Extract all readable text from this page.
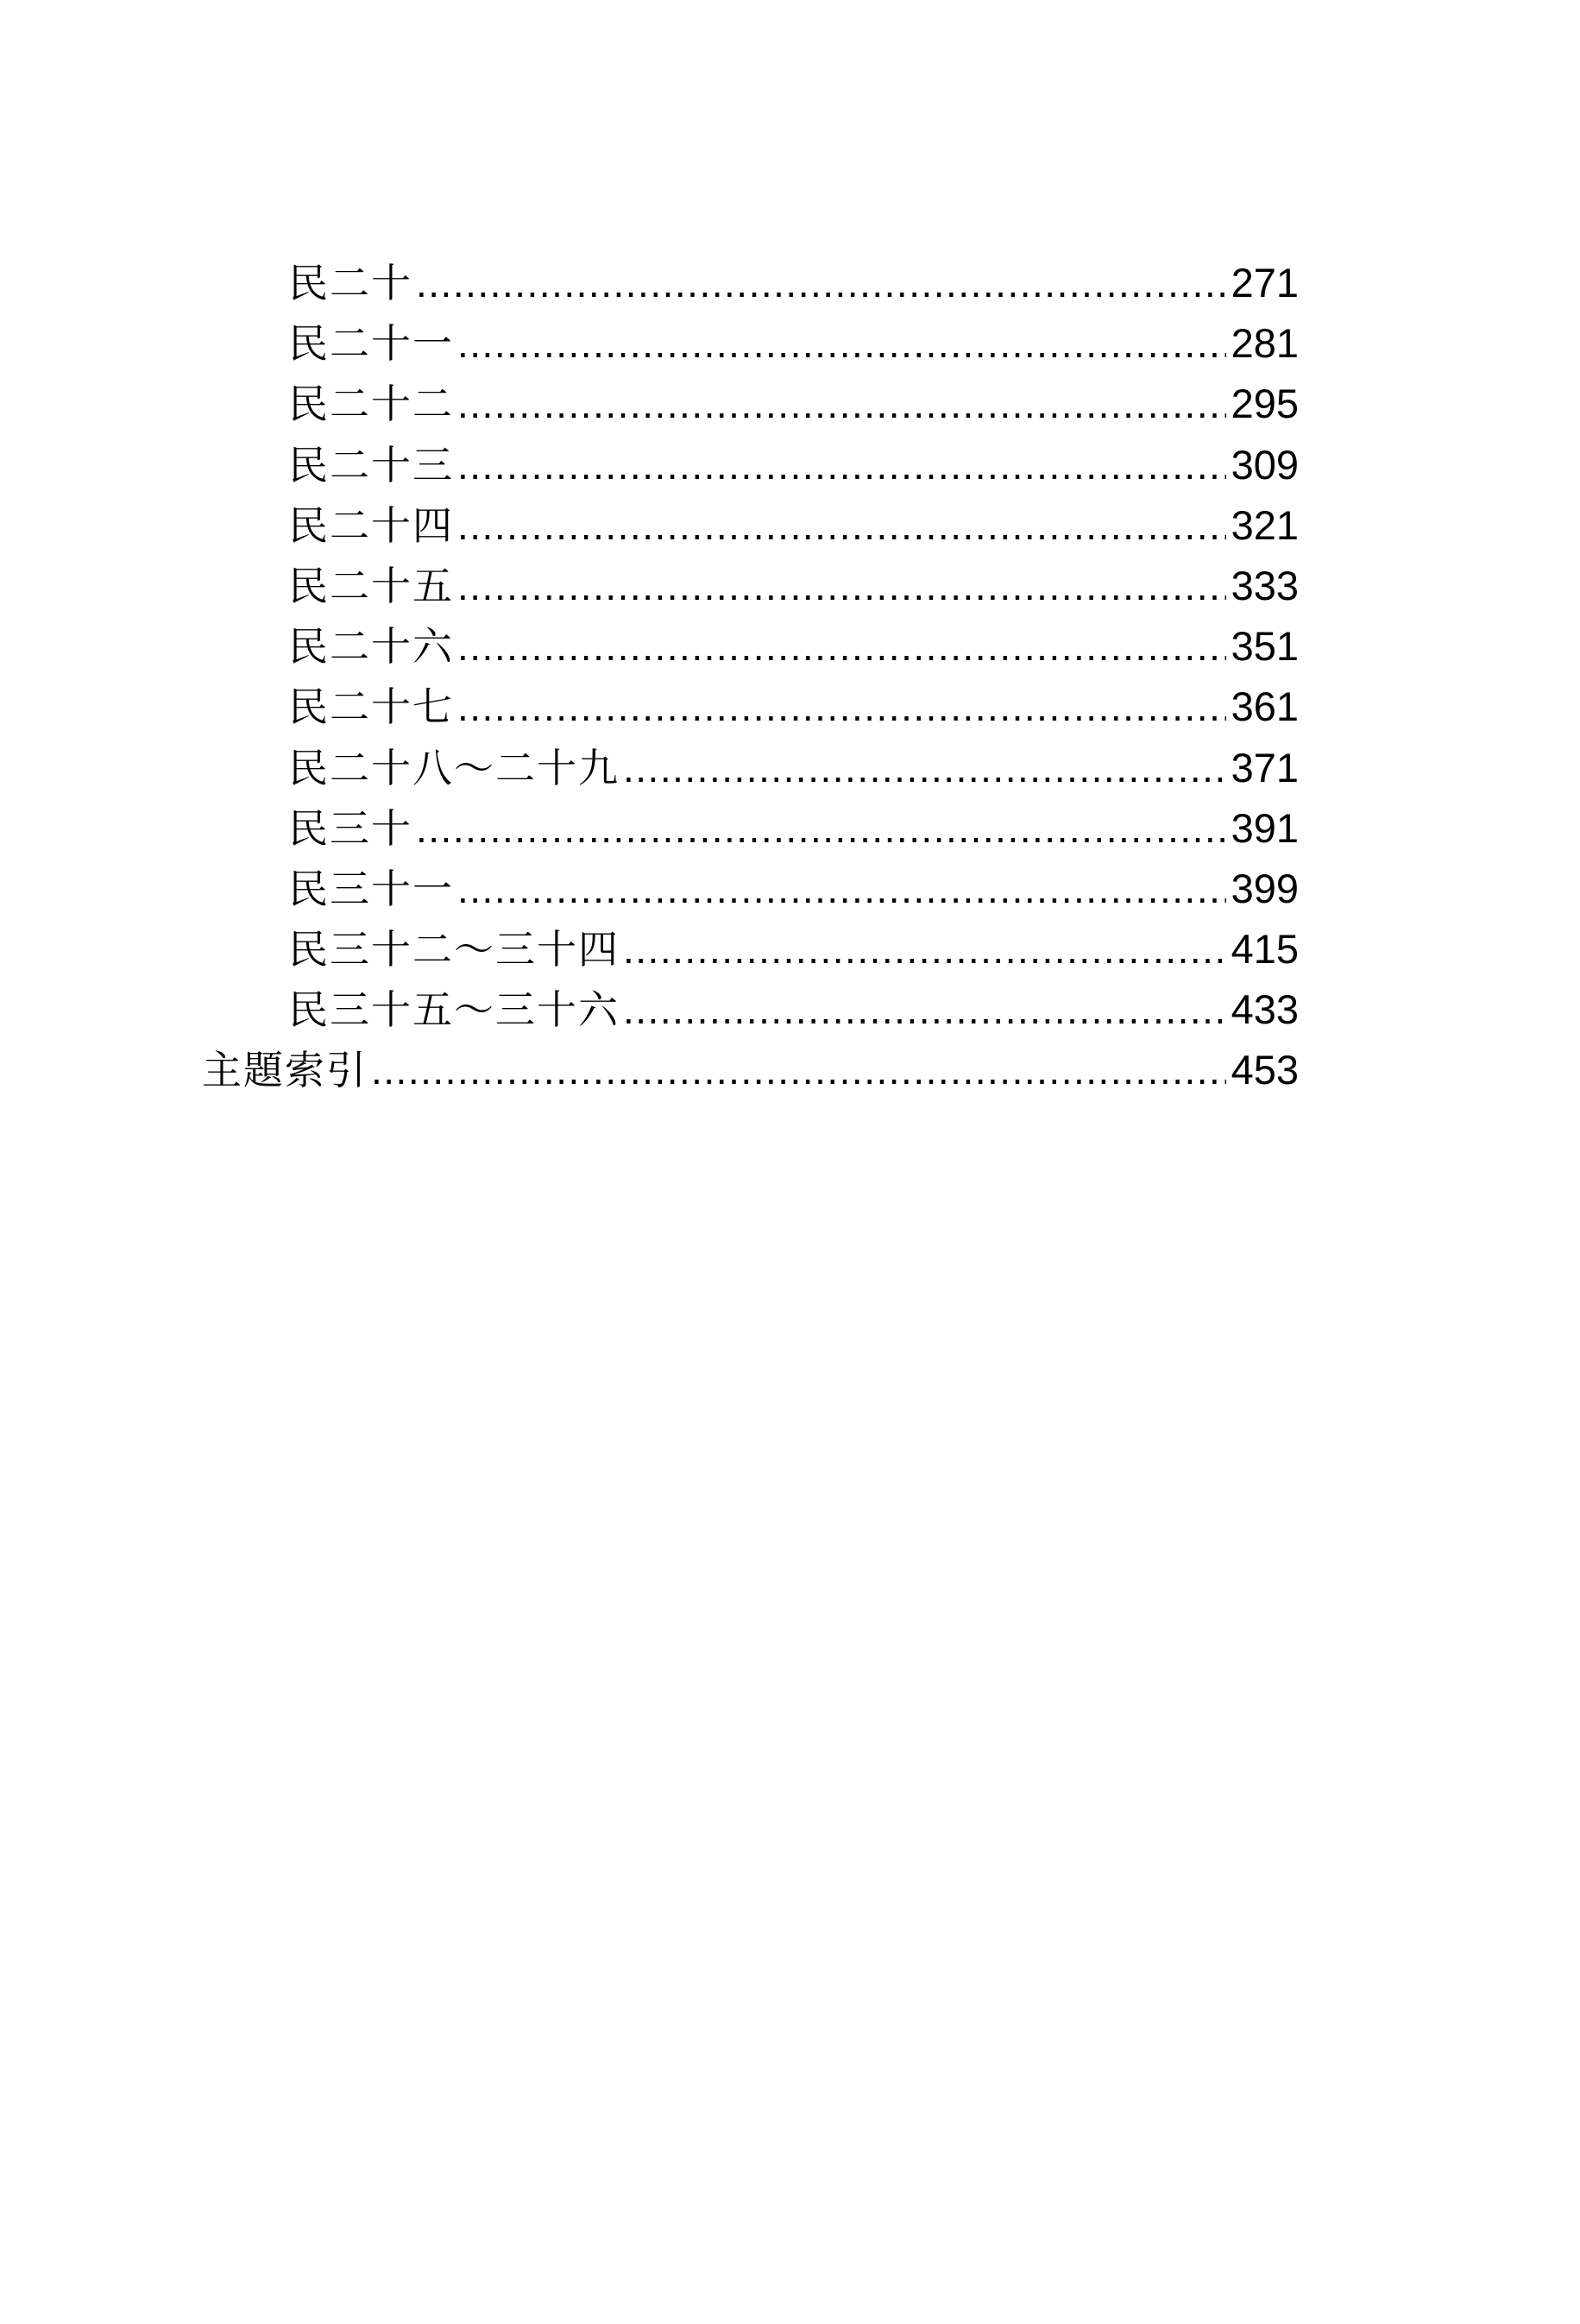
民二十 .....	271
民二十一 .....	281
民二十二 .....	295
民二十三 .....	309
民二十四 .....	321
民二十五 .....	333
民二十六 .....	351
民二十七 .....	361
民二十八～二十九 .....	371
民三十 .....	391
民三十一 .....	399
民三十二～三十四 .....	415
民三十五～三十六 .....	433
主題索引 .....	453
